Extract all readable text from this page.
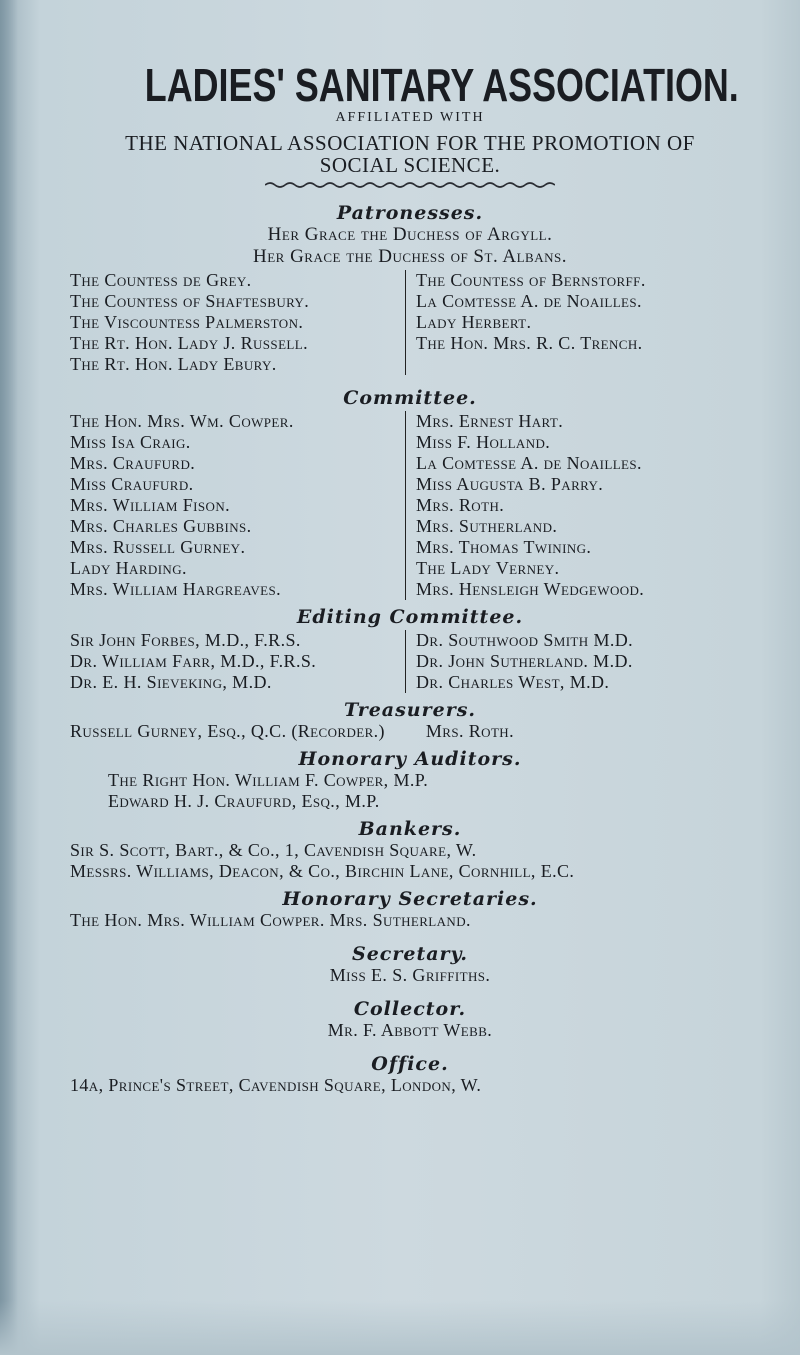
LADIES' SANITARY ASSOCIATION.
AFFILIATED WITH
THE NATIONAL ASSOCIATION FOR THE PROMOTION OF
SOCIAL SCIENCE.
Patronesses.
Her Grace the Duchess of Argyll.
Her Grace the Duchess of St. Albans.
The Countess de Grey.
The Countess of Shaftesbury.
The Viscountess Palmerston.
The Rt. Hon. Lady J. Russell.
The Rt. Hon. Lady Ebury.
The Countess of Bernstorff.
La Comtesse A. de Noailles.
Lady Herbert.
The Hon. Mrs. R. C. Trench.
Committee.
The Hon. Mrs. Wm. Cowper.
Miss Isa Craig.
Mrs. Craufurd.
Miss Craufurd.
Mrs. William Fison.
Mrs. Charles Gubbins.
Mrs. Russell Gurney.
Lady Harding.
Mrs. William Hargreaves.
Mrs. Ernest Hart.
Miss F. Holland.
La Comtesse A. de Noailles.
Miss Augusta B. Parry.
Mrs. Roth.
Mrs. Sutherland.
Mrs. Thomas Twining.
The Lady Verney.
Mrs. Hensleigh Wedgewood.
Editing Committee.
Sir John Forbes, M.D., F.R.S.
Dr. William Farr, M.D., F.R.S.
Dr. E. H. Sieveking, M.D.
Dr. Southwood Smith M.D.
Dr. John Sutherland. M.D.
Dr. Charles West, M.D.
Treasurers.
Russell Gurney, Esq., Q.C. (Recorder.) Mrs. Roth.
Honorary Auditors.
The Right Hon. William F. Cowper, M.P.
Edward H. J. Craufurd, Esq., M.P.
Bankers.
Sir S. Scott, Bart., & Co., 1, Cavendish Square, W.
Messrs. Williams, Deacon, & Co., Birchin Lane, Cornhill, E.C.
Honorary Secretaries.
The Hon. Mrs. William Cowper. Mrs. Sutherland.
Secretary.
Miss E. S. Griffiths.
Collector.
Mr. F. Abbott Webb.
Office.
14a, Prince's Street, Cavendish Square, London, W.
